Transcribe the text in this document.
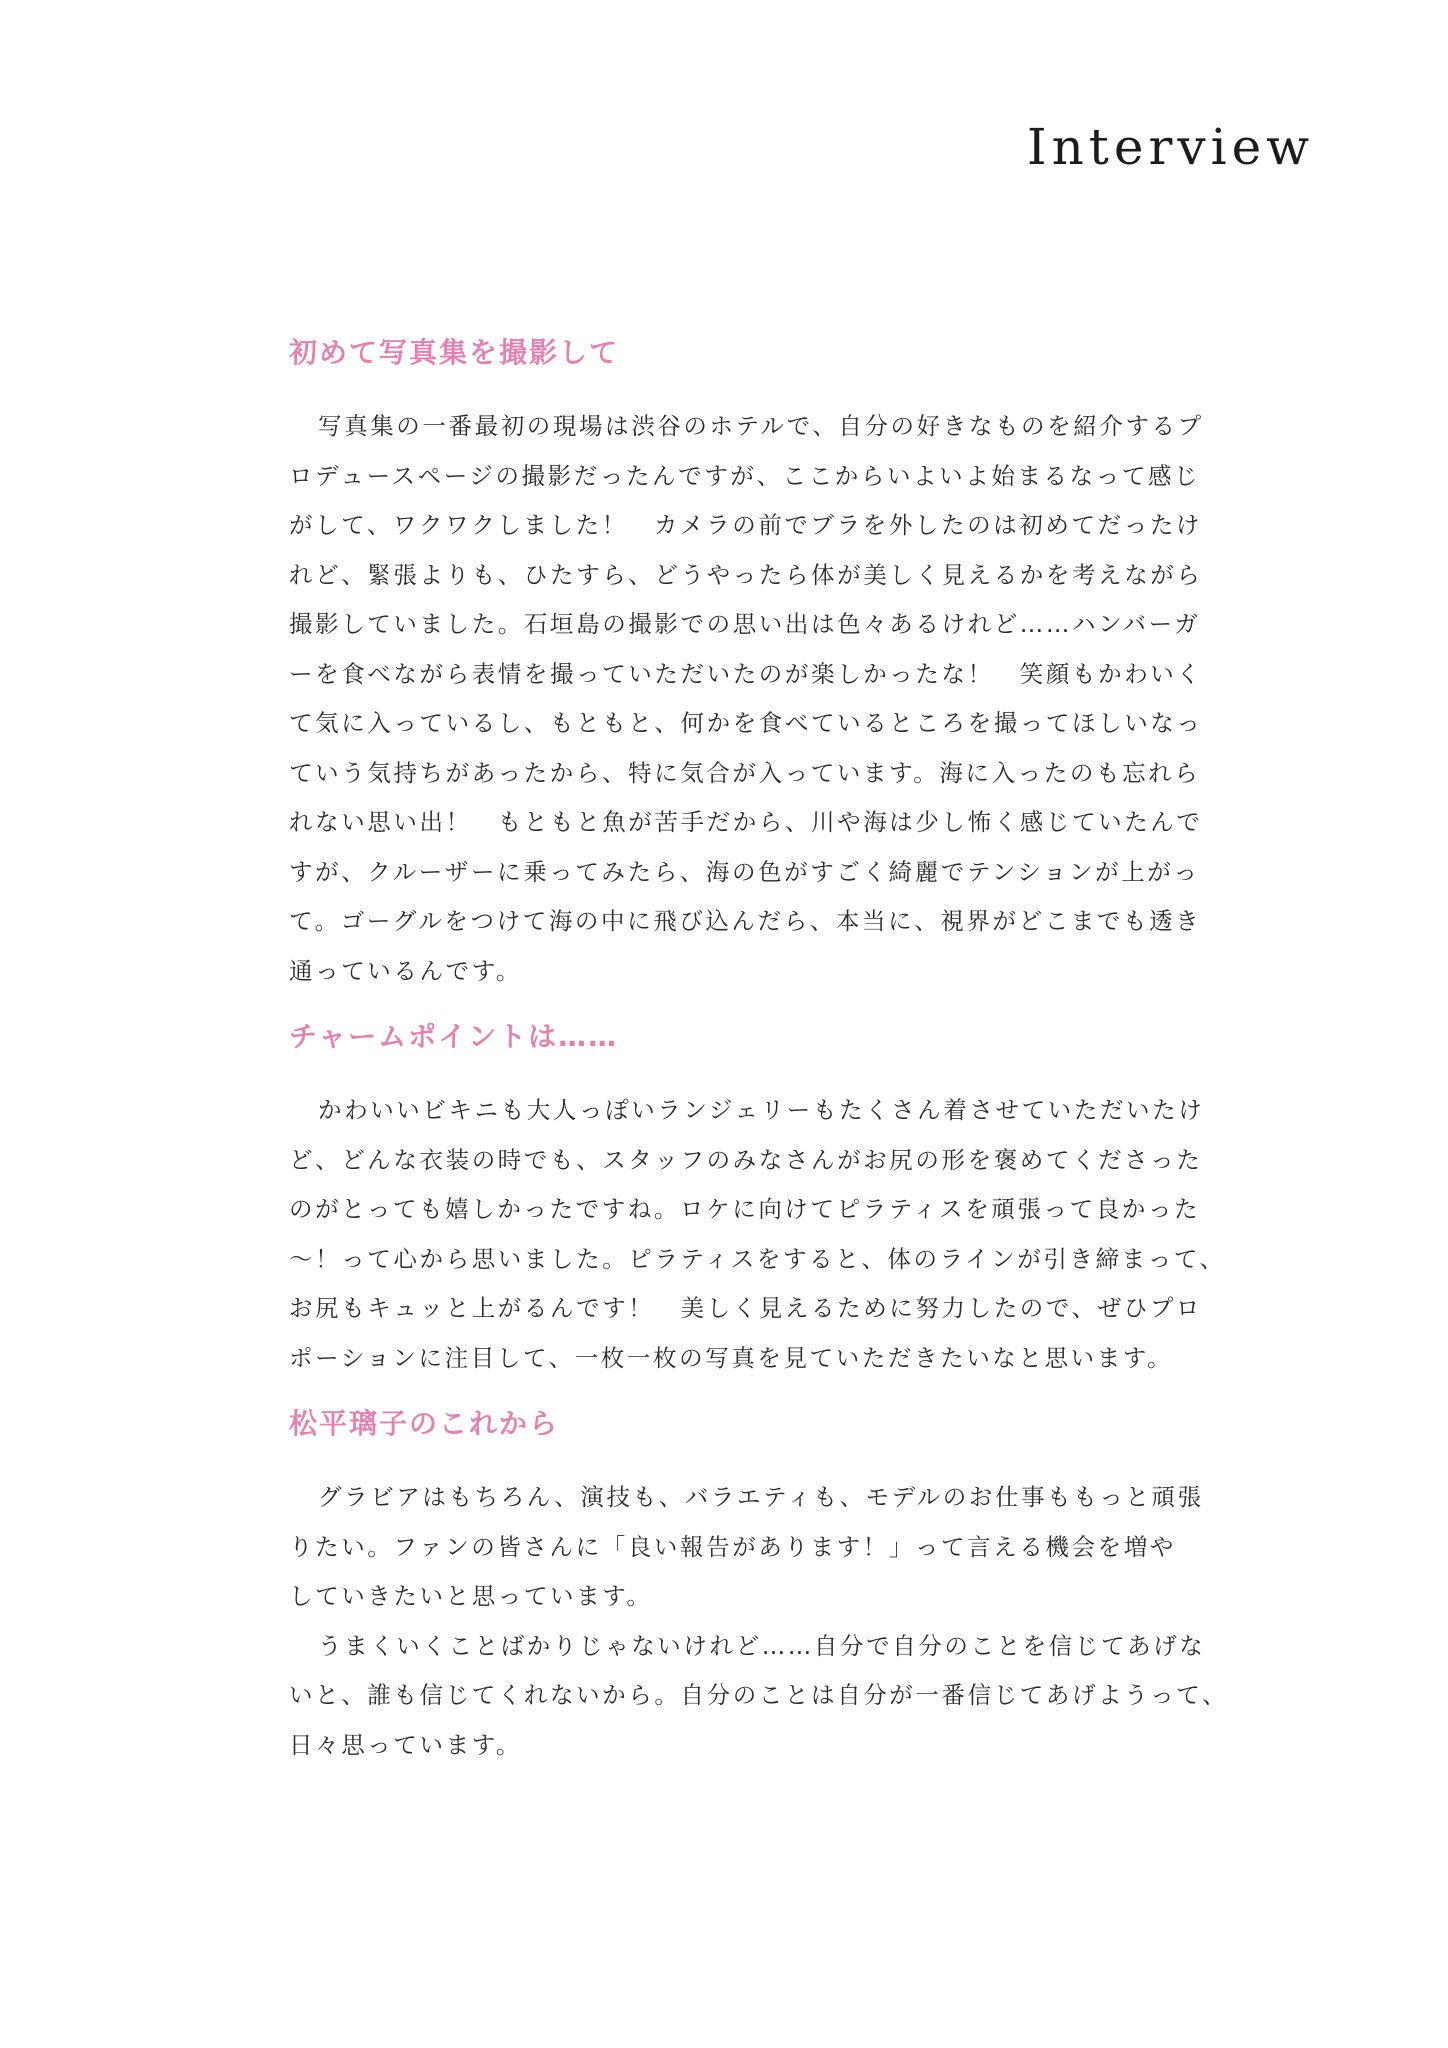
Interview
初めて写真集を撮影して

写真集の一番最初の現場は渋谷のホテルで、自分の好きなものを紹介するプ

ロデュースページの撮影だったんですが、ここからいよいよ始まるなって感じ

がして、ワクワクしました！　カメラの前でブラを外したのは初めてだったけ

れど、緊張よりも、ひたすら、どうやったら体が美しく見えるかを考えながら

撮影していました。石垣島の撮影での思い出は色々あるけれど……ハンバーガ

ーを食べながら表情を撮っていただいたのが楽しかったな！　笑顔もかわいく

て気に入っているし、もともと、何かを食べているところを撮ってほしいなっ

ていう気持ちがあったから、特に気合が入っています。海に入ったのも忘れら

れない思い出！　もともと魚が苦手だから、川や海は少し怖く感じていたんで

すが、クルーザーに乗ってみたら、海の色がすごく綺麗でテンションが上がっ

て。ゴーグルをつけて海の中に飛び込んだら、本当に、視界がどこまでも透き

通っているんです。

チャームポイントは……

かわいいビキニも大人っぽいランジェリーもたくさん着させていただいたけ

ど、どんな衣装の時でも、スタッフのみなさんがお尻の形を褒めてくださった

のがとっても嬉しかったですね。ロケに向けてピラティスを頑張って良かった

〜！って心から思いました。ピラティスをすると、体のラインが引き締まって、

お尻もキュッと上がるんです！　美しく見えるために努力したので、ぜひプロ

ポーションに注目して、一枚一枚の写真を見ていただきたいなと思います。

松平璃子のこれから

グラビアはもちろん、演技も、バラエティも、モデルのお仕事ももっと頑張

りたい。ファンの皆さんに「良い報告があります！」って言える機会を増や

していきたいと思っています。

うまくいくことばかりじゃないけれど……自分で自分のことを信じてあげな

いと、誰も信じてくれないから。自分のことは自分が一番信じてあげようって、

日々思っています。
